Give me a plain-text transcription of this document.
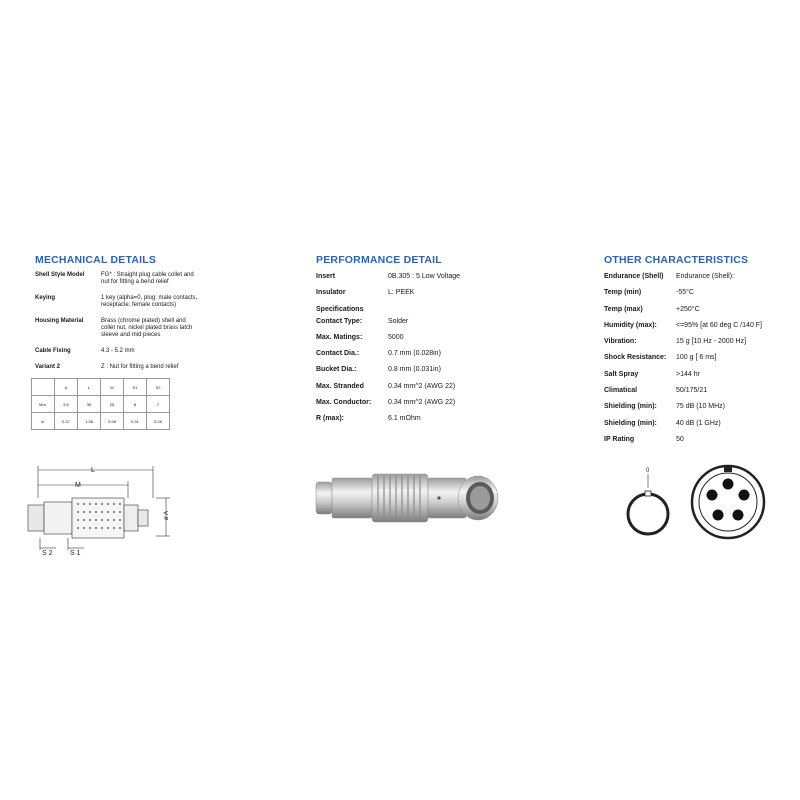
MECHANICAL DETAILS
Shell Style Model	FG* : Straight plug cable collet and nut for fitting a bend relief
Keying	1 key (alpha=0, plug: male contacts, receptacle: female contacts)
Housing Material	Brass (chrome plated) shell and collet nut, nickel plated brass latch sleeve and mid pieces
Cable Fixing	4.3 - 5.2 mm
Variant 2	Z : Nut for fitting a bend relief
	A	L	M	S1	S2
Mm.	9.5	35	25	8	7
In.	0.37	1.38	0.98	0.31	0.28
PERFORMANCE DETAIL
Insert	0B.305 : 5 Low Voltage
Insulator	L: PEEK
Specifications
Contact Type:	Solder
Max. Matings:	5000
Contact Dia.:	0.7 mm (0.028in)
Bucket Dia.:	0.8 mm (0.031in)
Max. Stranded	0.34 mm^2 (AWG 22)
Max. Conductor:	0.34 mm^2 (AWG 22)
R (max):	6.1 mOhm
OTHER CHARACTERISTICS
Endurance (Shell)	Endurance (Shell):
Temp (min)	-55°C
Temp (max)	+250°C
Humidity (max):	<=95% [at 60 deg C /140 F]
Vibration:	15 g [10 Hz - 2000 Hz]
Shock Resistance:	100 g [ 6 ms]
Salt Spray	>144 hr
Climatical	50/175/21
Shielding (min):	75 dB (10 MHz)
Shielding (min):	40 dB (1 GHz)
IP Rating	50
L
M
ø A
S 2 S 1
0
